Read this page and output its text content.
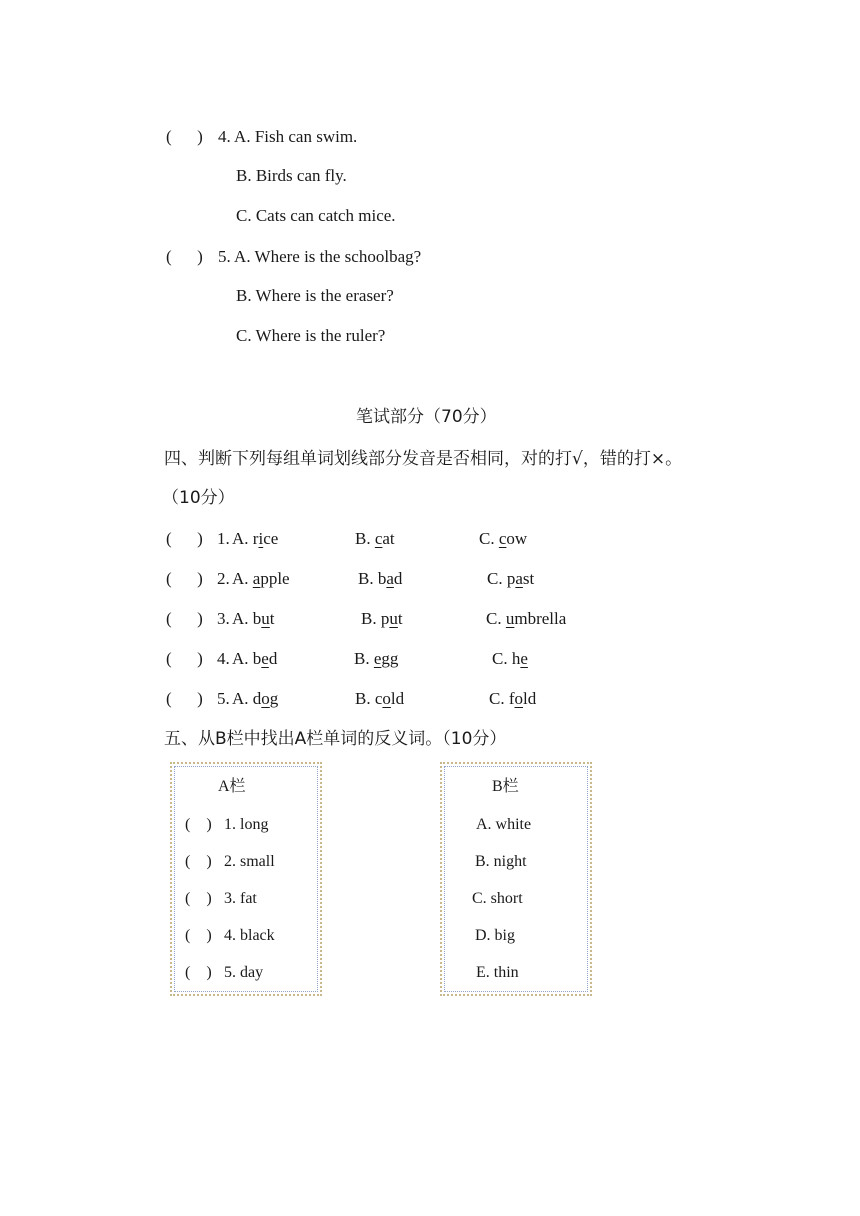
(      ) 4. A. Fish can swim.
B. Birds can fly.
C. Cats can catch mice.
(      ) 5. A. Where is the schoolbag?
B. Where is the eraser?
C. Where is the ruler?
笔试部分（70分）
四、判断下列每组单词划线部分发音是否相同，对的打√，错的打×。
（10分）
(      ) 1. A. rice	B. cat	C. cow
(      ) 2. A. apple	B. bad	C. past
(      ) 3. A. but	B. put	C. umbrella
(      ) 4. A. bed	B. egg	C. he
(      ) 5. A. dog	B. cold	C. fold
五、从B栏中找出A栏单词的反义词。（10分）
A栏
(    ) 1. long
(    ) 2. small
(    ) 3. fat
(    ) 4. black
(    ) 5. day
B栏
A. white
B. night
C. short
D. big
E. thin
